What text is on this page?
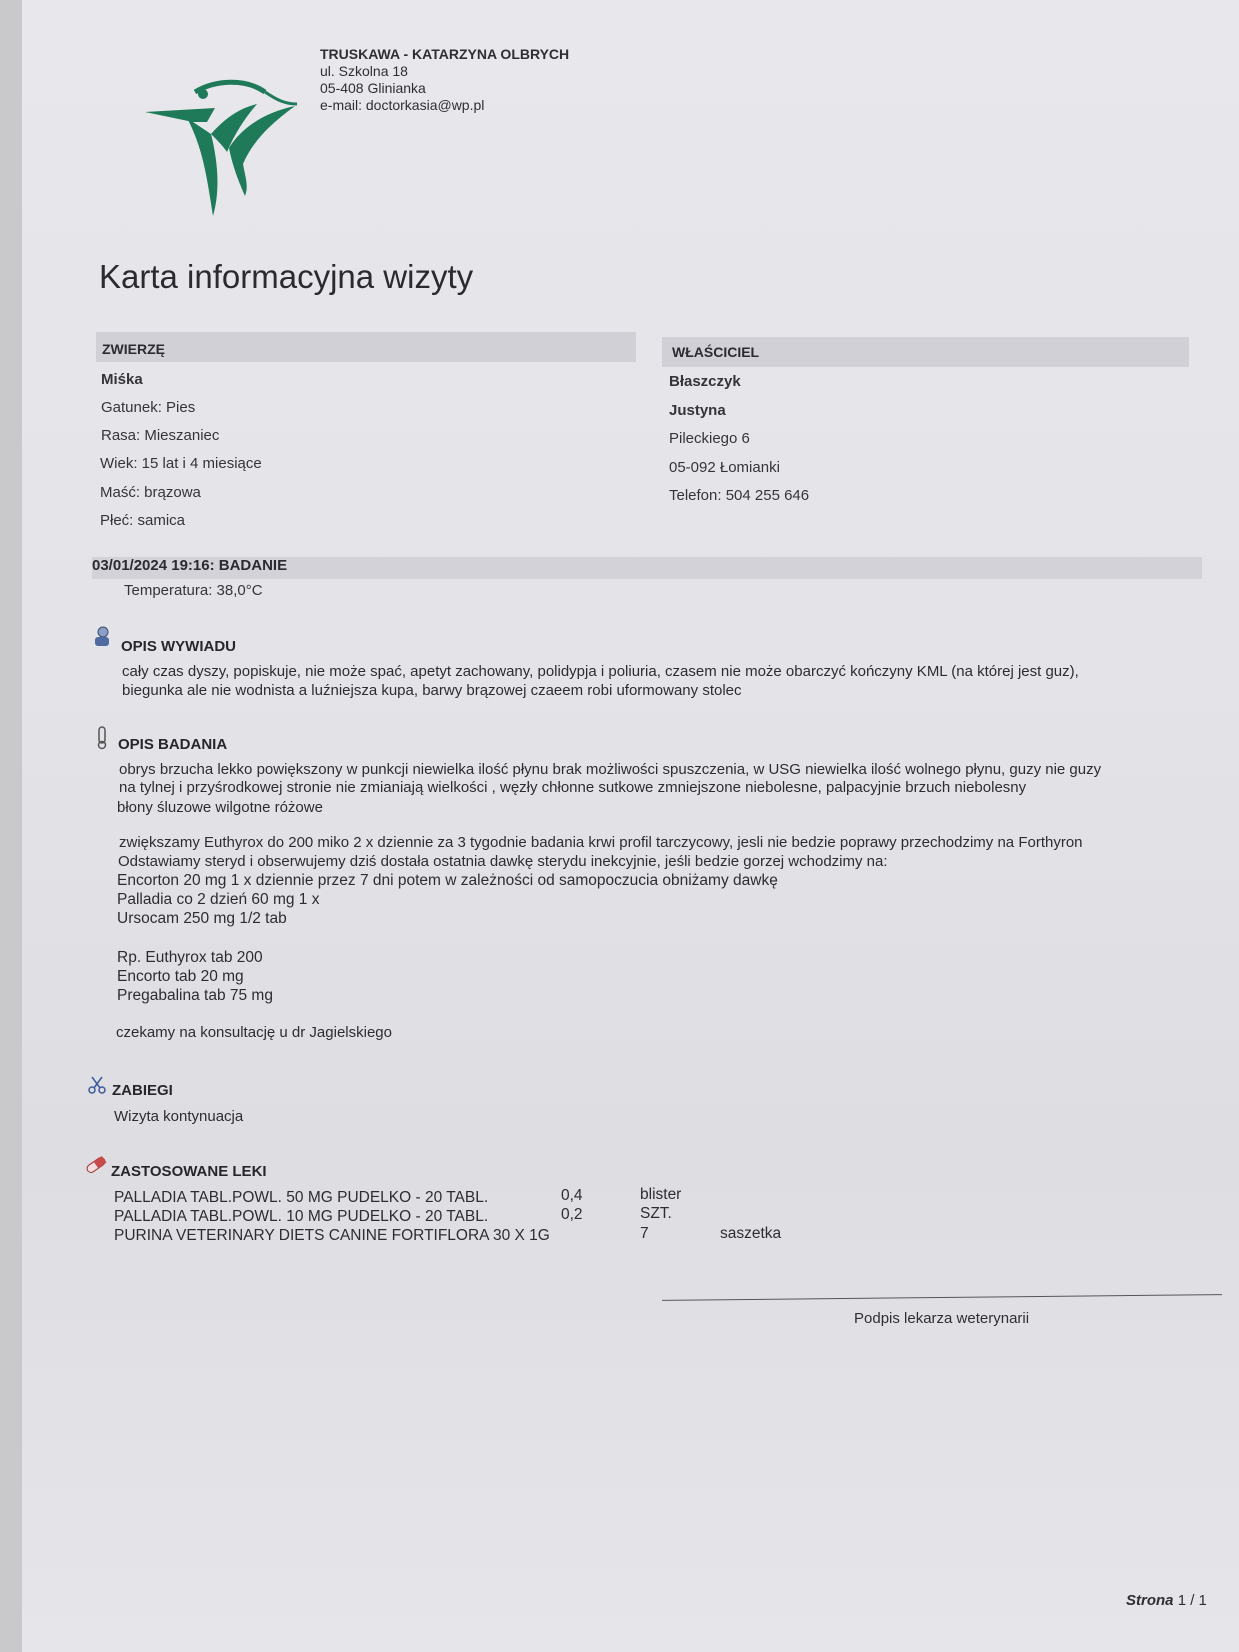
TRUSKAWA - KATARZYNA OLBRYCH
ul. Szkolna 18
05-408 Glinianka
e-mail: doctorkasia@wp.pl
Karta informacyjna wizyty
ZWIERZĘ
Miśka
Gatunek: Pies
Rasa: Mieszaniec
Wiek: 15 lat i 4 miesiące
Maść: brązowa
Płeć: samica
WŁAŚCICIEL
Błaszczyk
Justyna
Pileckiego 6
05-092 Łomianki
Telefon: 504 255 646
03/01/2024 19:16: BADANIE
Temperatura: 38,0°C
OPIS WYWIADU
cały czas dyszy, popiskuje, nie może spać, apetyt zachowany, polidypja i poliuria, czasem nie może obarczyć kończyny KML (na której jest guz),
biegunka ale nie wodnista a luźniejsza kupa, barwy brązowej czaeem robi uformowany stolec
OPIS BADANIA
obrys brzucha lekko powiększony w punkcji niewielka ilość płynu brak możliwości spuszczenia, w USG niewielka ilość wolnego płynu, guzy nie guzy
na tylnej i przyśrodkowej stronie nie zmianiają wielkości , węzły chłonne sutkowe zmniejszone niebolesne, palpacyjnie brzuch niebolesny
błony śluzowe wilgotne różowe
zwiększamy Euthyrox do 200 miko 2 x dziennie za 3 tygodnie badania krwi profil tarczycowy, jesli nie bedzie poprawy przechodzimy na Forthyron
Odstawiamy steryd i obserwujemy dziś dostała ostatnia dawkę sterydu inekcyjnie, jeśli bedzie gorzej wchodzimy na:
Encorton 20 mg 1 x dziennie przez 7 dni potem w zależności od samopoczucia obniżamy dawkę
Palladia co 2 dzień 60 mg 1 x
Ursocam 250 mg 1/2 tab
Rp. Euthyrox tab 200
Encorto tab 20 mg
Pregabalina tab 75 mg
czekamy na konsultację u dr Jagielskiego
ZABIEGI
Wizyta kontynuacja
ZASTOSOWANE LEKI
PALLADIA TABL.POWL. 50 MG PUDELKO - 20 TABL.	0,4	blister
PALLADIA TABL.POWL. 10 MG PUDELKO - 20 TABL.	0,2	SZT.
PURINA VETERINARY DIETS CANINE FORTIFLORA 30 X 1G	7	saszetka
Podpis lekarza weterynarii
Strona 1 / 1
